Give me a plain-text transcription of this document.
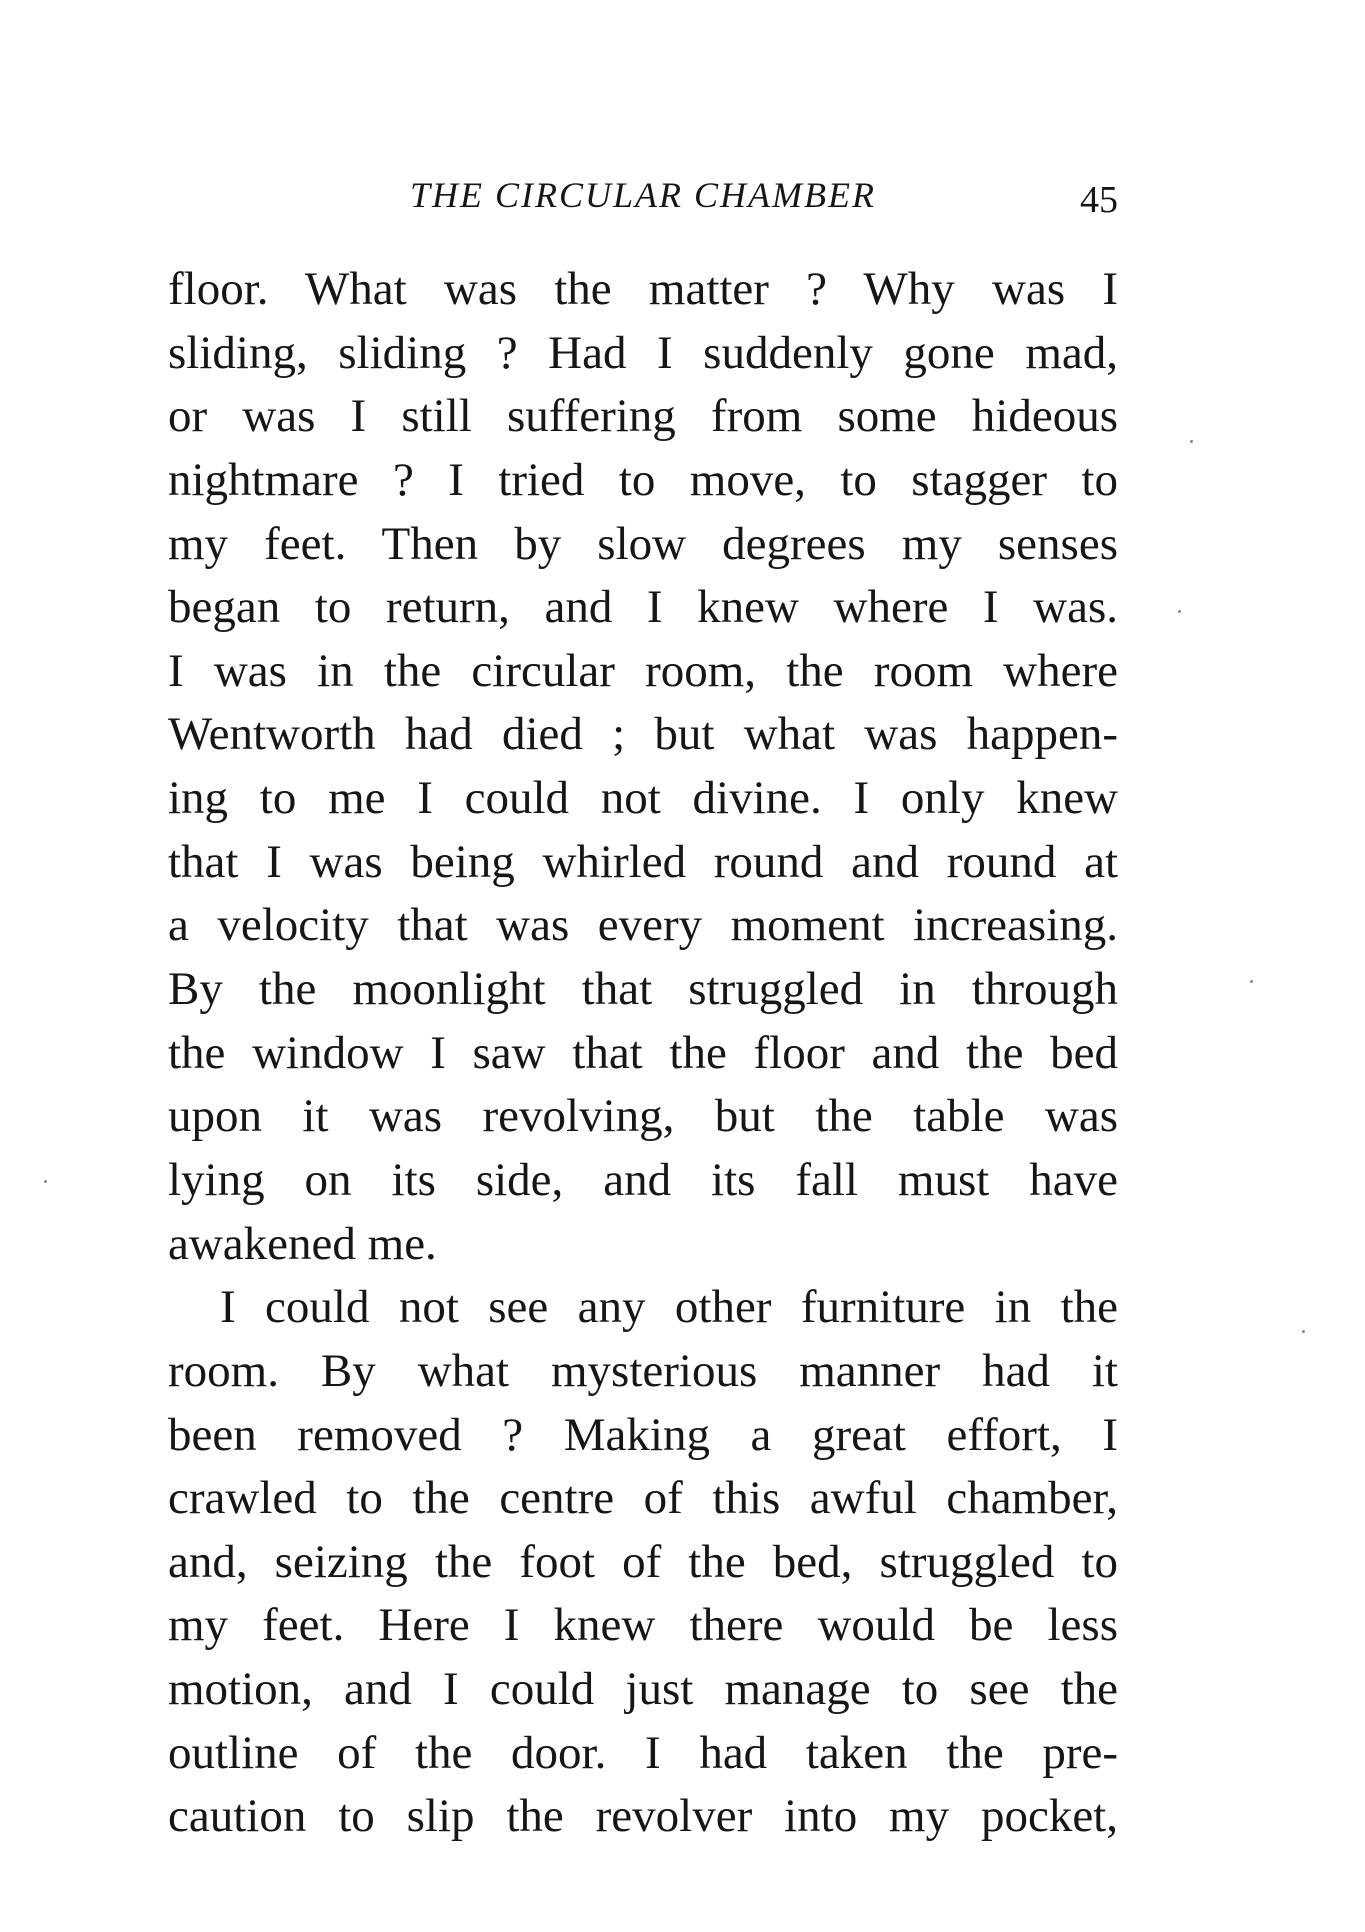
THE CIRCULAR CHAMBER	45
floor. What was the matter ? Why was I
sliding, sliding ? Had I suddenly gone mad,
or was I still suffering from some hideous
nightmare ? I tried to move, to stagger to
my feet. Then by slow degrees my senses
began to return, and I knew where I was.
I was in the circular room, the room where
Wentworth had died ; but what was happen-
ing to me I could not divine. I only knew
that I was being whirled round and round at
a velocity that was every moment increasing.
By the moonlight that struggled in through
the window I saw that the floor and the bed
upon it was revolving, but the table was
lying on its side, and its fall must have
awakened me.
I could not see any other furniture in the
room. By what mysterious manner had it
been removed ? Making a great effort, I
crawled to the centre of this awful chamber,
and, seizing the foot of the bed, struggled to
my feet. Here I knew there would be less
motion, and I could just manage to see the
outline of the door. I had taken the pre-
caution to slip the revolver into my pocket,
